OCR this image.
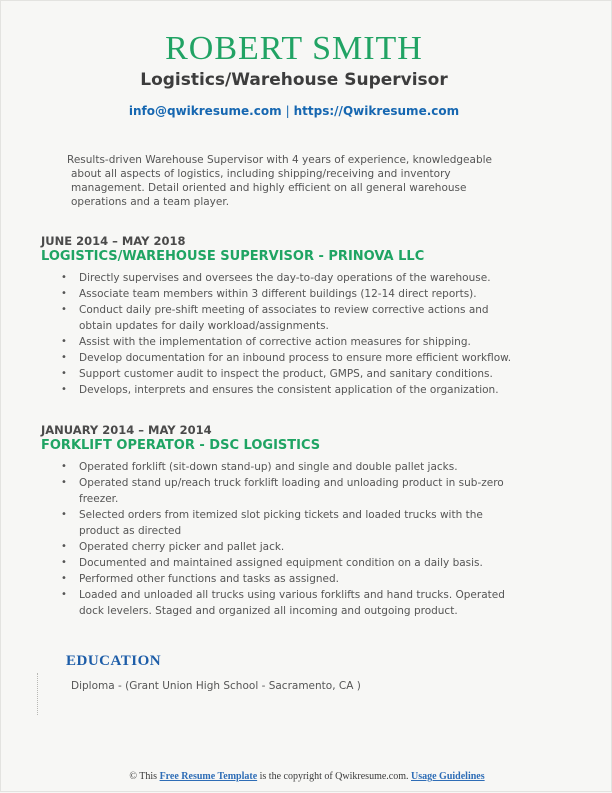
ROBERT SMITH
Logistics/Warehouse Supervisor
info@qwikresume.com | https://Qwikresume.com
Results-driven Warehouse Supervisor with 4 years of experience, knowledgeable about all aspects of logistics, including shipping/receiving and inventory management. Detail oriented and highly efficient on all general warehouse operations and a team player.
JUNE 2014 – MAY 2018
LOGISTICS/WAREHOUSE SUPERVISOR - PRINOVA LLC
•	Directly supervises and oversees the day-to-day operations of the warehouse.
•	Associate team members within 3 different buildings (12-14 direct reports).
•	Conduct daily pre-shift meeting of associates to review corrective actions and obtain updates for daily workload/assignments.
•	Assist with the implementation of corrective action measures for shipping.
•	Develop documentation for an inbound process to ensure more efficient workflow.
•	Support customer audit to inspect the product, GMPS, and sanitary conditions.
•	Develops, interprets and ensures the consistent application of the organization.
JANUARY 2014 – MAY 2014
FORKLIFT OPERATOR - DSC LOGISTICS
•	Operated forklift (sit-down stand-up) and single and double pallet jacks.
•	Operated stand up/reach truck forklift loading and unloading product in sub-zero freezer.
•	Selected orders from itemized slot picking tickets and loaded trucks with the product as directed
•	Operated cherry picker and pallet jack.
•	Documented and maintained assigned equipment condition on a daily basis.
•	Performed other functions and tasks as assigned.
•	Loaded and unloaded all trucks using various forklifts and hand trucks. Operated dock levelers. Staged and organized all incoming and outgoing product.
EDUCATION
Diploma - (Grant Union High School - Sacramento, CA )
© This Free Resume Template is the copyright of Qwikresume.com. Usage Guidelines
